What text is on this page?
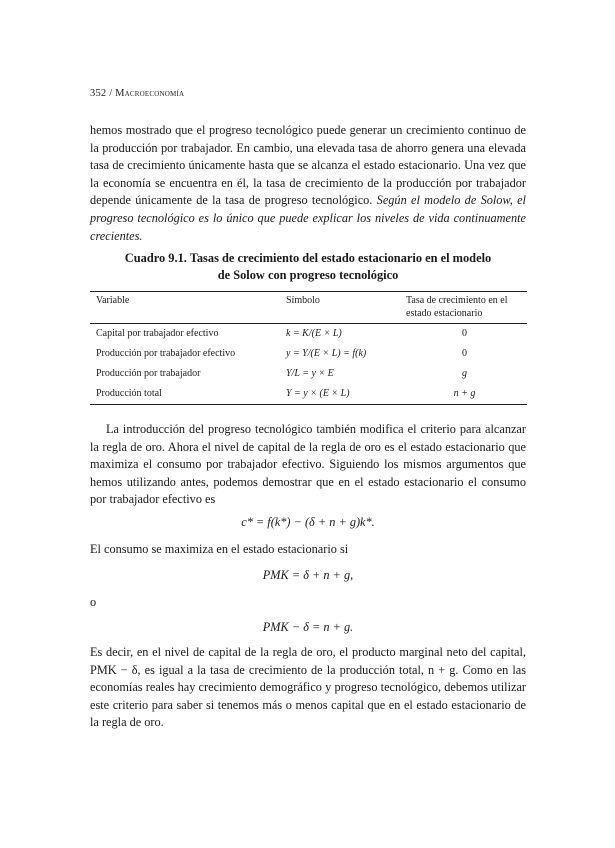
352 / Macroeconomía

hemos mostrado que el progreso tecnológico puede generar un crecimiento continuo de la producción por trabajador. En cambio, una elevada tasa de ahorro genera una elevada tasa de crecimiento únicamente hasta que se alcanza el estado estacionario. Una vez que la economía se encuentra en él, la tasa de crecimiento de la producción por trabajador depende únicamente de la tasa de progreso tecnológico. Según el modelo de Solow, el progreso tecnológico es lo único que puede explicar los niveles de vida continuamente crecientes.

Cuadro 9.1. Tasas de crecimiento del estado estacionario en el modelo
de Solow con progreso tecnológico
Variable	Símbolo	Tasa de crecimiento en el estado estacionario
Capital por trabajador efectivo	k = K/(E × L)	0
Producción por trabajador efectivo	y = Y/(E × L) = f(k)	0
Producción por trabajador	Y/L = y × E	g
Producción total	Y = y × (E × L)	n + g

La introducción del progreso tecnológico también modifica el criterio para alcanzar la regla de oro. Ahora el nivel de capital de la regla de oro es el estado estacionario que maximiza el consumo por trabajador efectivo. Siguiendo los mismos argumentos que hemos utilizando antes, podemos demostrar que en el estado estacionario el consumo por trabajador efectivo es

c* = f(k*) − (δ + n + g)k*.

El consumo se maximiza en el estado estacionario si

PMK = δ + n + g,
o
PMK − δ = n + g.

Es decir, en el nivel de capital de la regla de oro, el producto marginal neto del capital, PMK − δ, es igual a la tasa de crecimiento de la producción total, n + g. Como en las economías reales hay crecimiento demográfico y progreso tecnológico, debemos utilizar este criterio para saber si tenemos más o menos capital que en el estado estacionario de la regla de oro.
